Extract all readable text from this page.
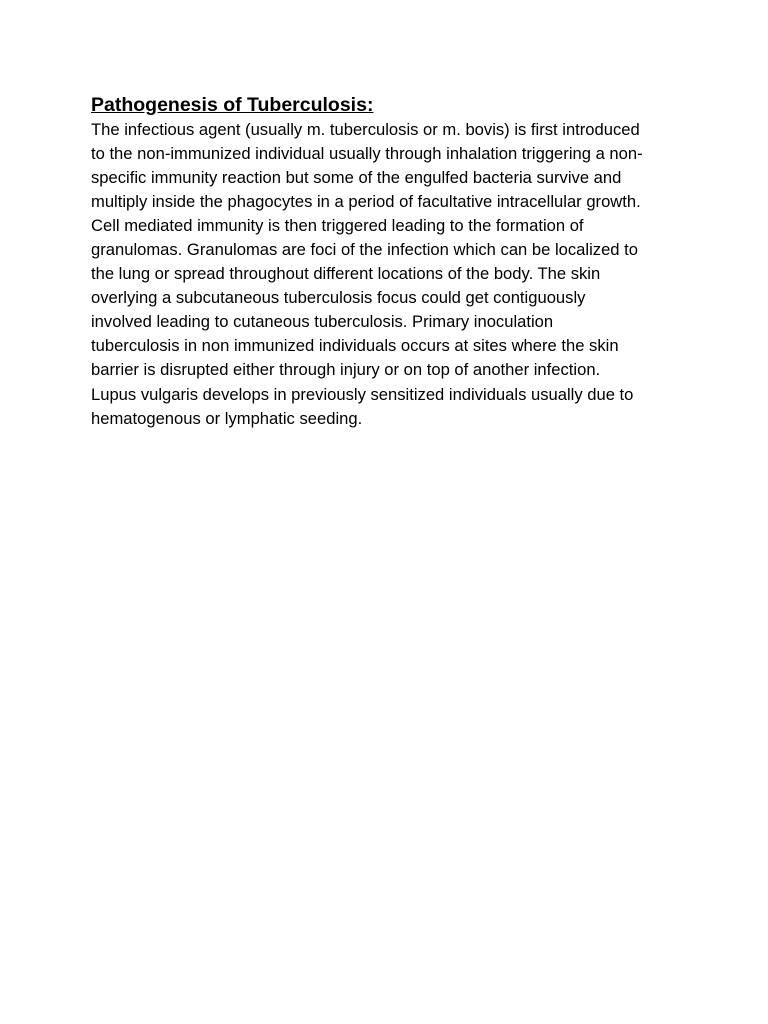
Pathogenesis of Tuberculosis:

The infectious agent (usually m. tuberculosis or m. bovis) is first introduced
to the non-immunized individual usually through inhalation triggering a non-
specific immunity reaction but some of the engulfed bacteria survive and
multiply inside the phagocytes in a period of facultative intracellular growth.
Cell mediated immunity is then triggered leading to the formation of
granulomas. Granulomas are foci of the infection which can be localized to
the lung or spread throughout different locations of the body. The skin
overlying a subcutaneous tuberculosis focus could get contiguously
involved leading to cutaneous tuberculosis. Primary inoculation
tuberculosis in non immunized individuals occurs at sites where the skin
barrier is disrupted either through injury or on top of another infection.
Lupus vulgaris develops in previously sensitized individuals usually due to
hematogenous or lymphatic seeding.
